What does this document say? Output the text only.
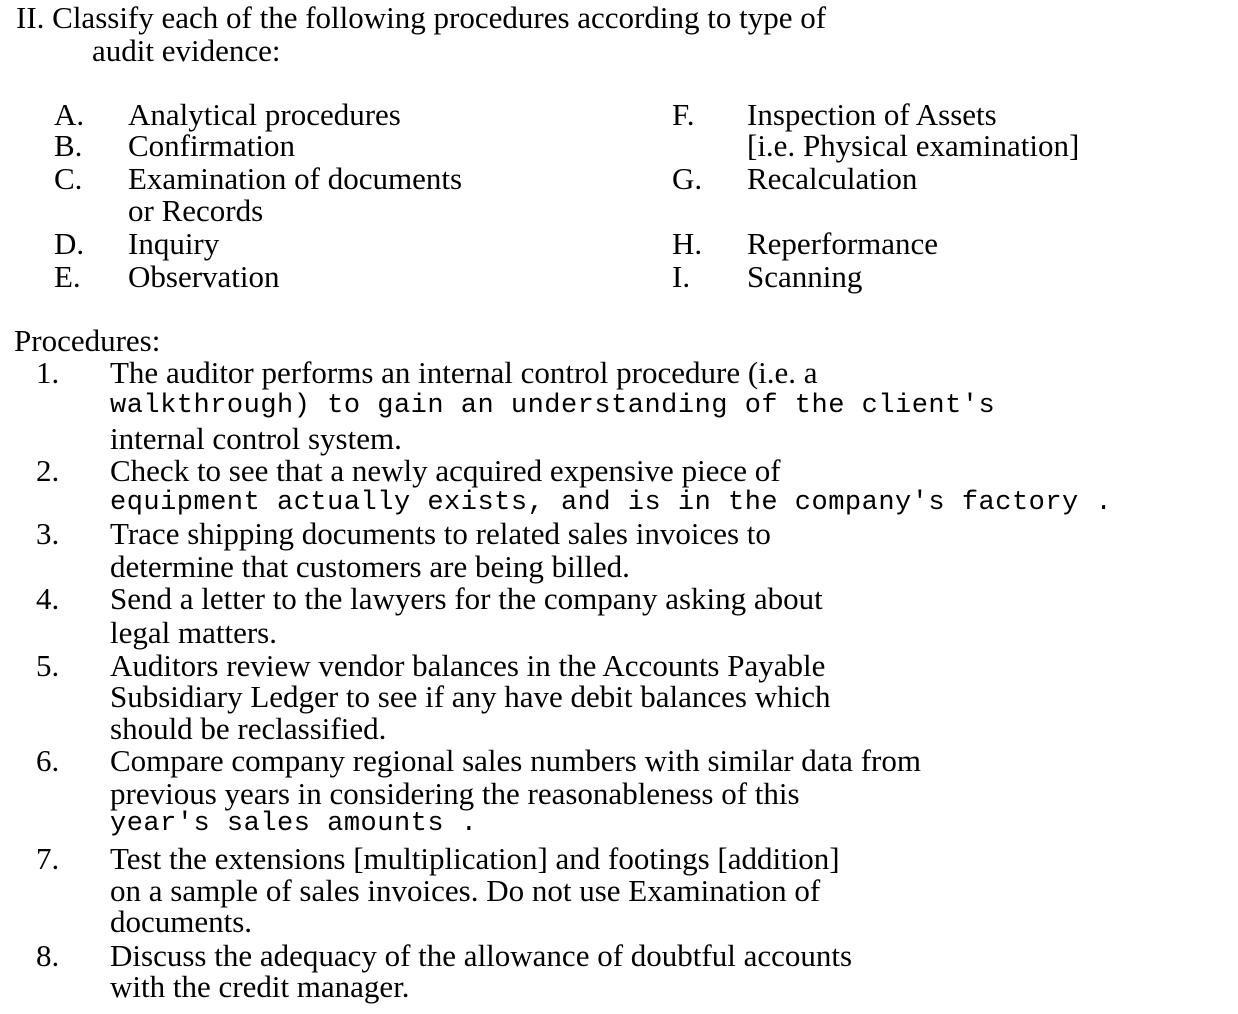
II. Classify each of the following procedures according to type of
audit evidence:
A. Analytical procedures
B. Confirmation
C. Examination of documents
or Records
D. Inquiry
E. Observation
F. Inspection of Assets
[i.e. Physical examination]
G. Recalculation
H. Reperformance
I. Scanning
Procedures:
1. The auditor performs an internal control procedure (i.e. a
walkthrough) to gain an understanding of the client's
internal control system.
2. Check to see that a newly acquired expensive piece of
equipment actually exists, and is in the company's factory .
3. Trace shipping documents to related sales invoices to
determine that customers are being billed.
4. Send a letter to the lawyers for the company asking about
legal matters.
5. Auditors review vendor balances in the Accounts Payable
Subsidiary Ledger to see if any have debit balances which
should be reclassified.
6. Compare company regional sales numbers with similar data from
previous years in considering the reasonableness of this
year's sales amounts .
7. Test the extensions [multiplication] and footings [addition]
on a sample of sales invoices. Do not use Examination of
documents.
8. Discuss the adequacy of the allowance of doubtful accounts
with the credit manager.
